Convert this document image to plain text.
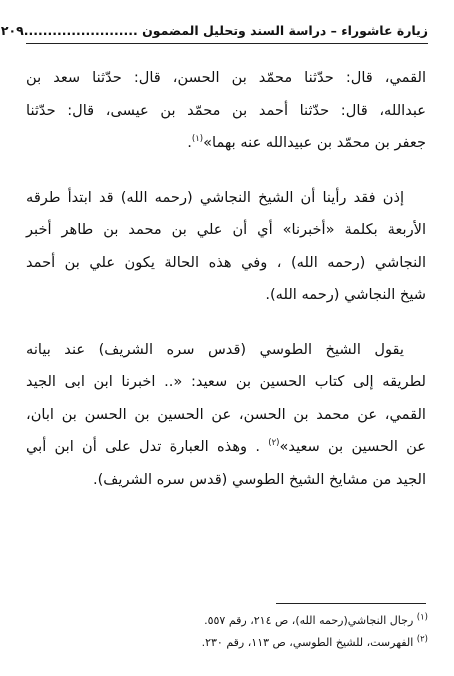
زيارة عاشوراء – دراسة السند وتحليل المضمون ........................
٢٠٩

القمي، قال: حدّثنا محمّد بن الحسن، قال: حدّثنا سعد بن
عبدالله، قال: حدّثنا أحمد بن محمّد بن عيسى، قال: حدّثنا
جعفر بن محمّد بن عبيدالله عنه بهما»$^{(١)}$.

إذن فقد رأينا أن الشيخ النجاشي (رحمه الله) قد ابتدأ طرقه
الأربعة بكلمة «أخبرنا» أي أن علي بن محمد بن طاهر أخبر
النجاشي (رحمه الله) ، وفي هذه الحالة يكون علي بن أحمد
شيخ النجاشي (رحمه الله).

يقول الشيخ الطوسي (قدس سره الشريف) عند بيانه
لطريقه إلى كتاب الحسين بن سعيد: «.. اخبرنا ابن ابى الجيد
القمي، عن محمد بن الحسن، عن الحسين بن الحسن بن ابان،
عن الحسين بن سعيد»$^{(٢)}$ . وهذه العبارة تدل على أن ابن أبي
الجيد من مشايخ الشيخ الطوسي (قدس سره الشريف).

$^{(١)}$ رجال النجاشي(رحمه الله)، ص ٢١٤، رقم ٥٥٧.
$^{(٢)}$ الفهرست، للشيخ الطوسي، ص ١١٣، رقم ٢٣٠.
